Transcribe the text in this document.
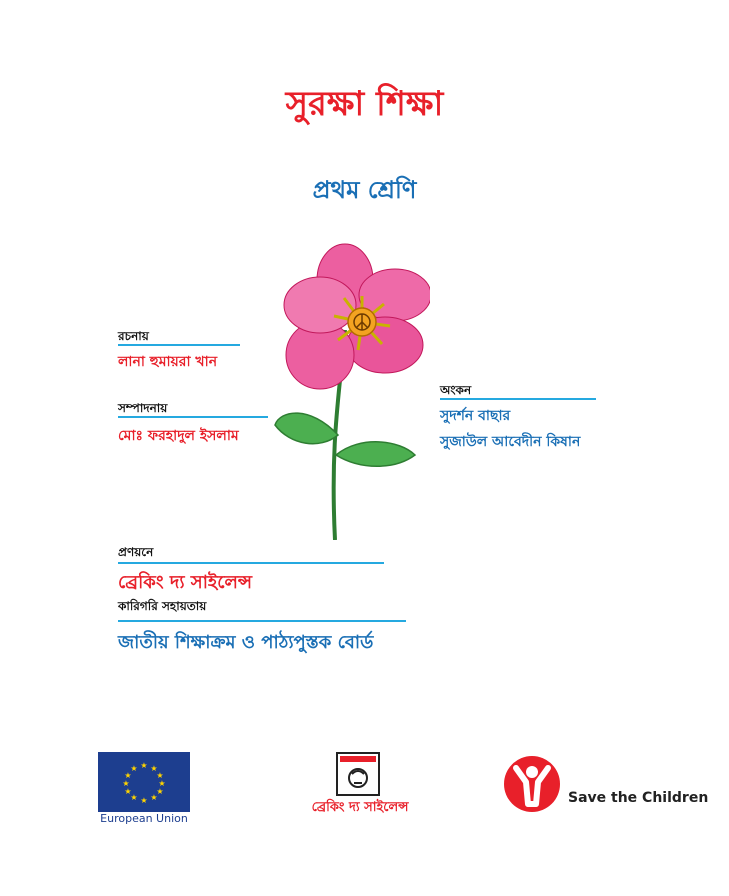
সুরক্ষা শিক্ষা
প্রথম শ্রেণি
রচনায়
লানা হুমায়রা খান
সম্পাদনায়
মোঃ ফরহাদুল ইসলাম
অংকন
সুদর্শন বাছার
সুজাউল আবেদীন কিষান
প্রণয়নে
ব্রেকিং দ্য সাইলেন্স
কারিগরি সহায়তায়
জাতীয় শিক্ষাক্রম ও পাঠ্যপুস্তক বোর্ড
★ ★
★
★
★
★
★
★
★
★
★
★
European Union
ব্রেকিং দ্য সাইলেন্স
Save the Children
